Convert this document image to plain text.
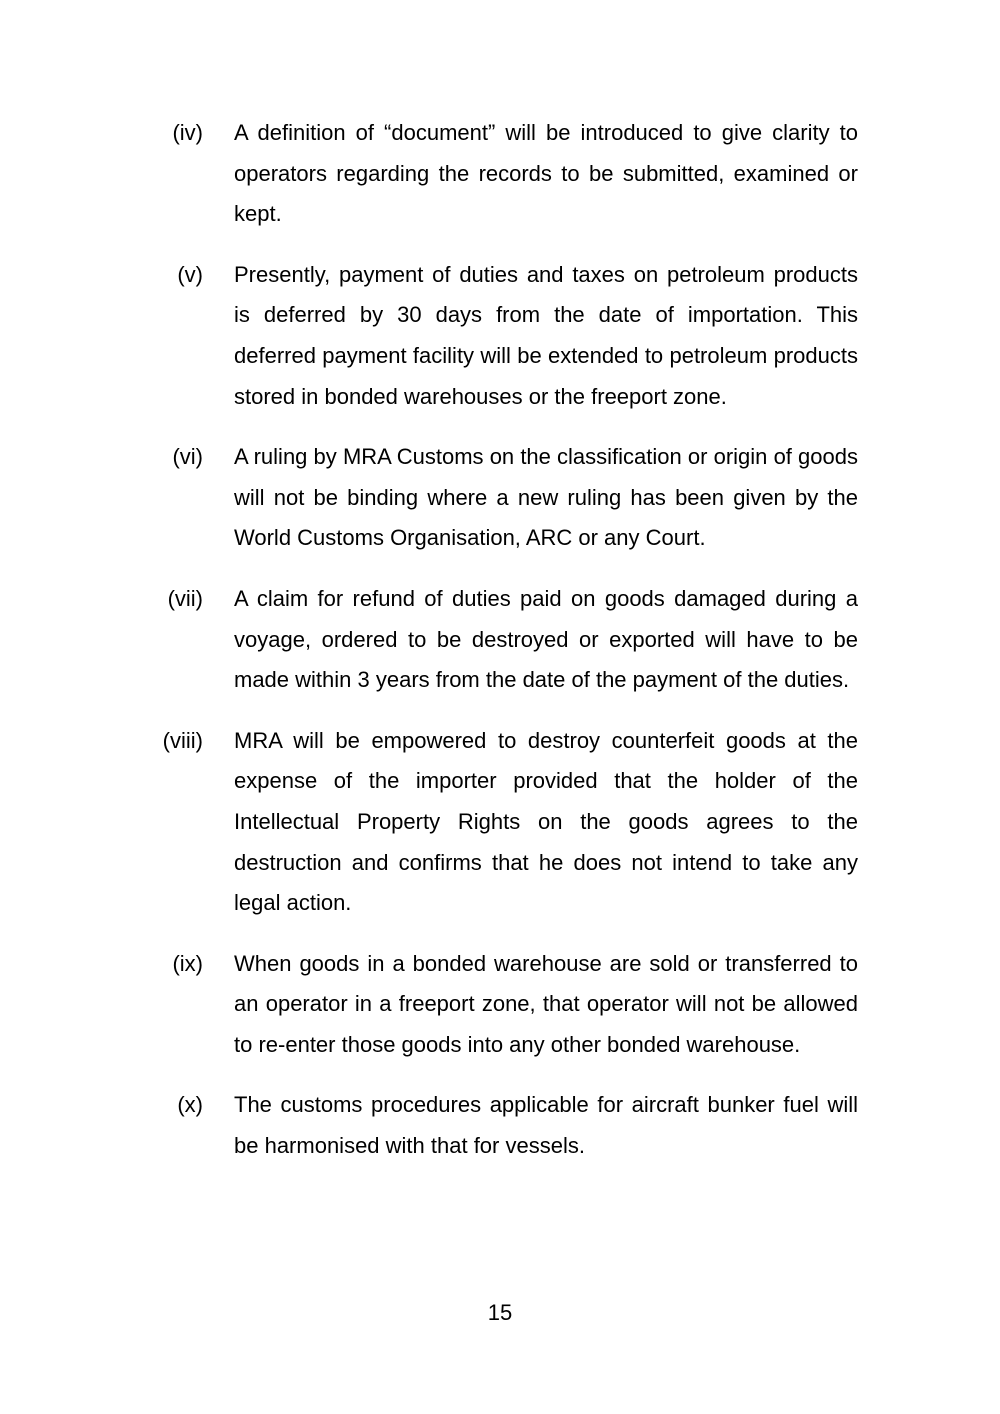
(iv) A definition of “document” will be introduced to give clarity to operators regarding the records to be submitted, examined or kept.
(v) Presently, payment of duties and taxes on petroleum products is deferred by 30 days from the date of importation. This deferred payment facility will be extended to petroleum products stored in bonded warehouses or the freeport zone.
(vi) A ruling by MRA Customs on the classification or origin of goods will not be binding where a new ruling has been given by the World Customs Organisation, ARC or any Court.
(vii) A claim for refund of duties paid on goods damaged during a voyage, ordered to be destroyed or exported will have to be made within 3 years from the date of the payment of the duties.
(viii) MRA will be empowered to destroy counterfeit goods at the expense of the importer provided that the holder of the Intellectual Property Rights on the goods agrees to the destruction and confirms that he does not intend to take any legal action.
(ix) When goods in a bonded warehouse are sold or transferred to an operator in a freeport zone, that operator will not be allowed to re-enter those goods into any other bonded warehouse.
(x) The customs procedures applicable for aircraft bunker fuel will be harmonised with that for vessels.
15
